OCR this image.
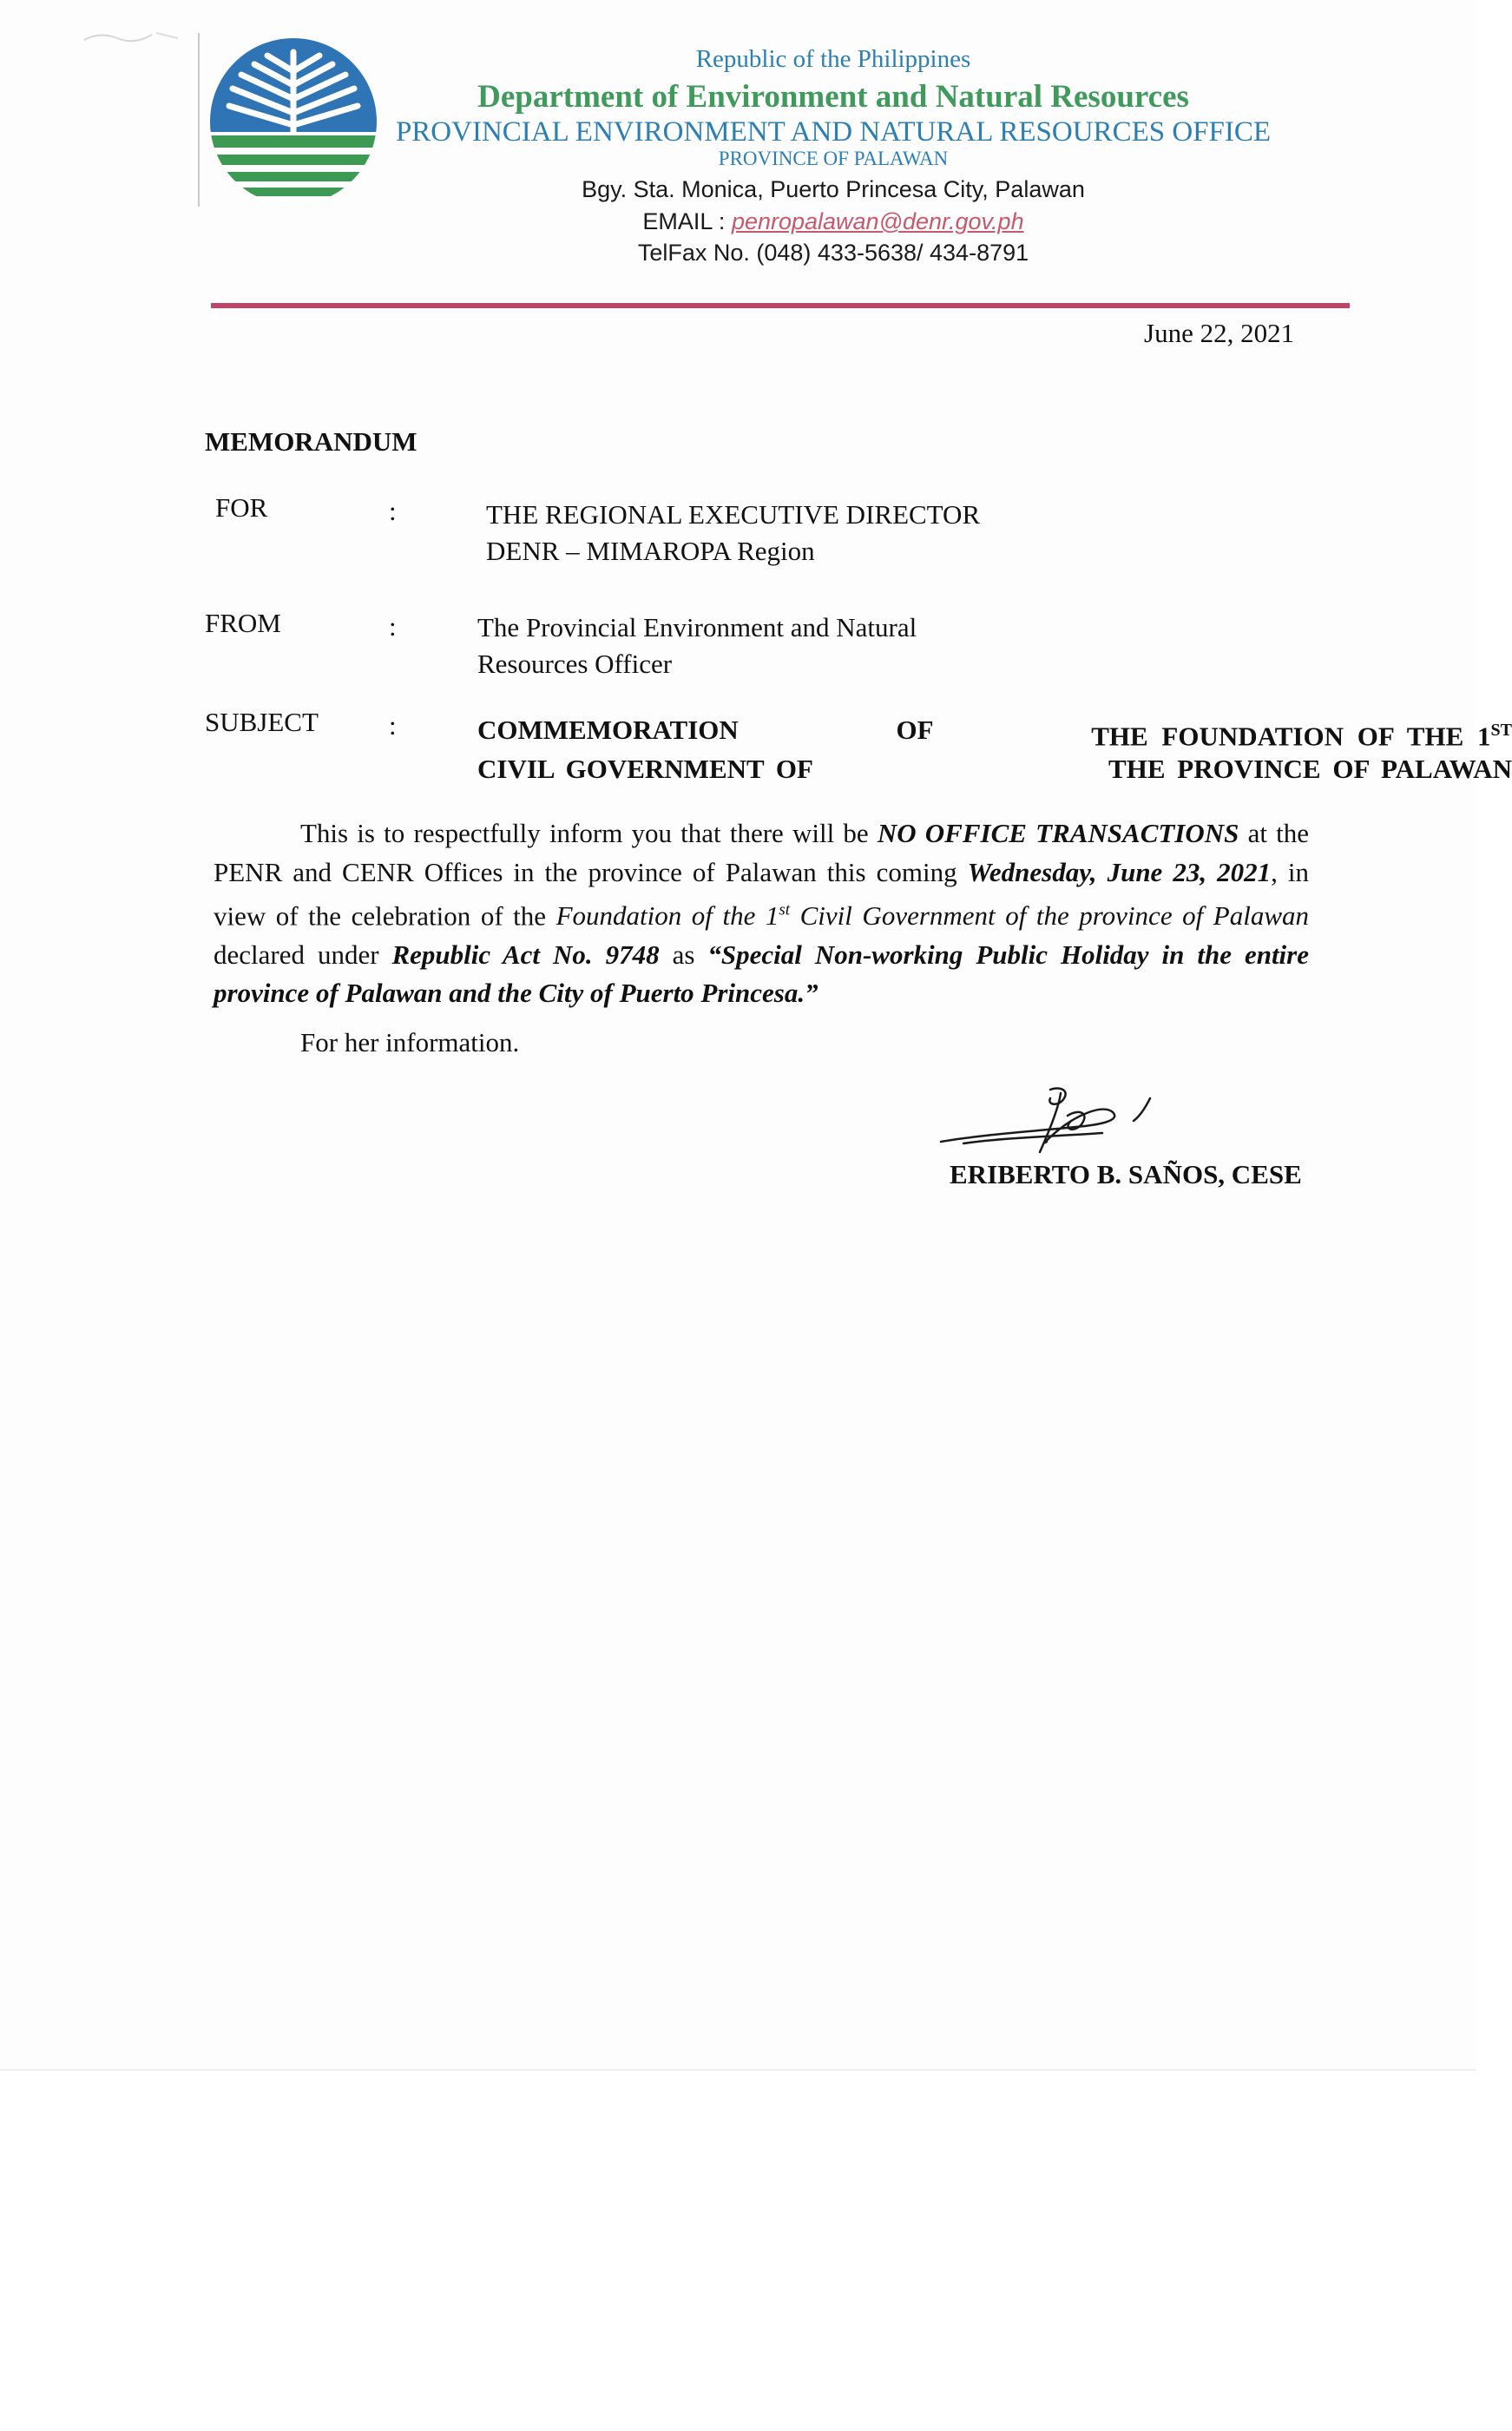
Republic of the Philippines
Department of Environment and Natural Resources
PROVINCIAL ENVIRONMENT AND NATURAL RESOURCES OFFICE
PROVINCE OF PALAWAN
Bgy. Sta. Monica, Puerto Princesa City, Palawan
EMAIL : penropalawan@denr.gov.ph
TelFax No. (048) 433-5638/ 434-8791
June 22, 2021
MEMORANDUM
FOR	:	THE REGIONAL EXECUTIVE DIRECTOR
DENR – MIMAROPA Region
FROM	:	The Provincial Environment and Natural
Resources Officer
SUBJECT	:	COMMEMORATION	OF	THE FOUNDATION OF THE 1ST
CIVIL GOVERNMENT OF	THE PROVINCE OF PALAWAN
This is to respectfully inform you that there will be NO OFFICE TRANSACTIONS at the PENR and CENR Offices in the province of Palawan this coming Wednesday, June 23, 2021, in view of the celebration of the Foundation of the 1st Civil Government of the province of Palawan declared under Republic Act No. 9748 as “Special Non-working Public Holiday in the entire province of Palawan and the City of Puerto Princesa.”
For her information.
ERIBERTO B. SAÑOS, CESE
